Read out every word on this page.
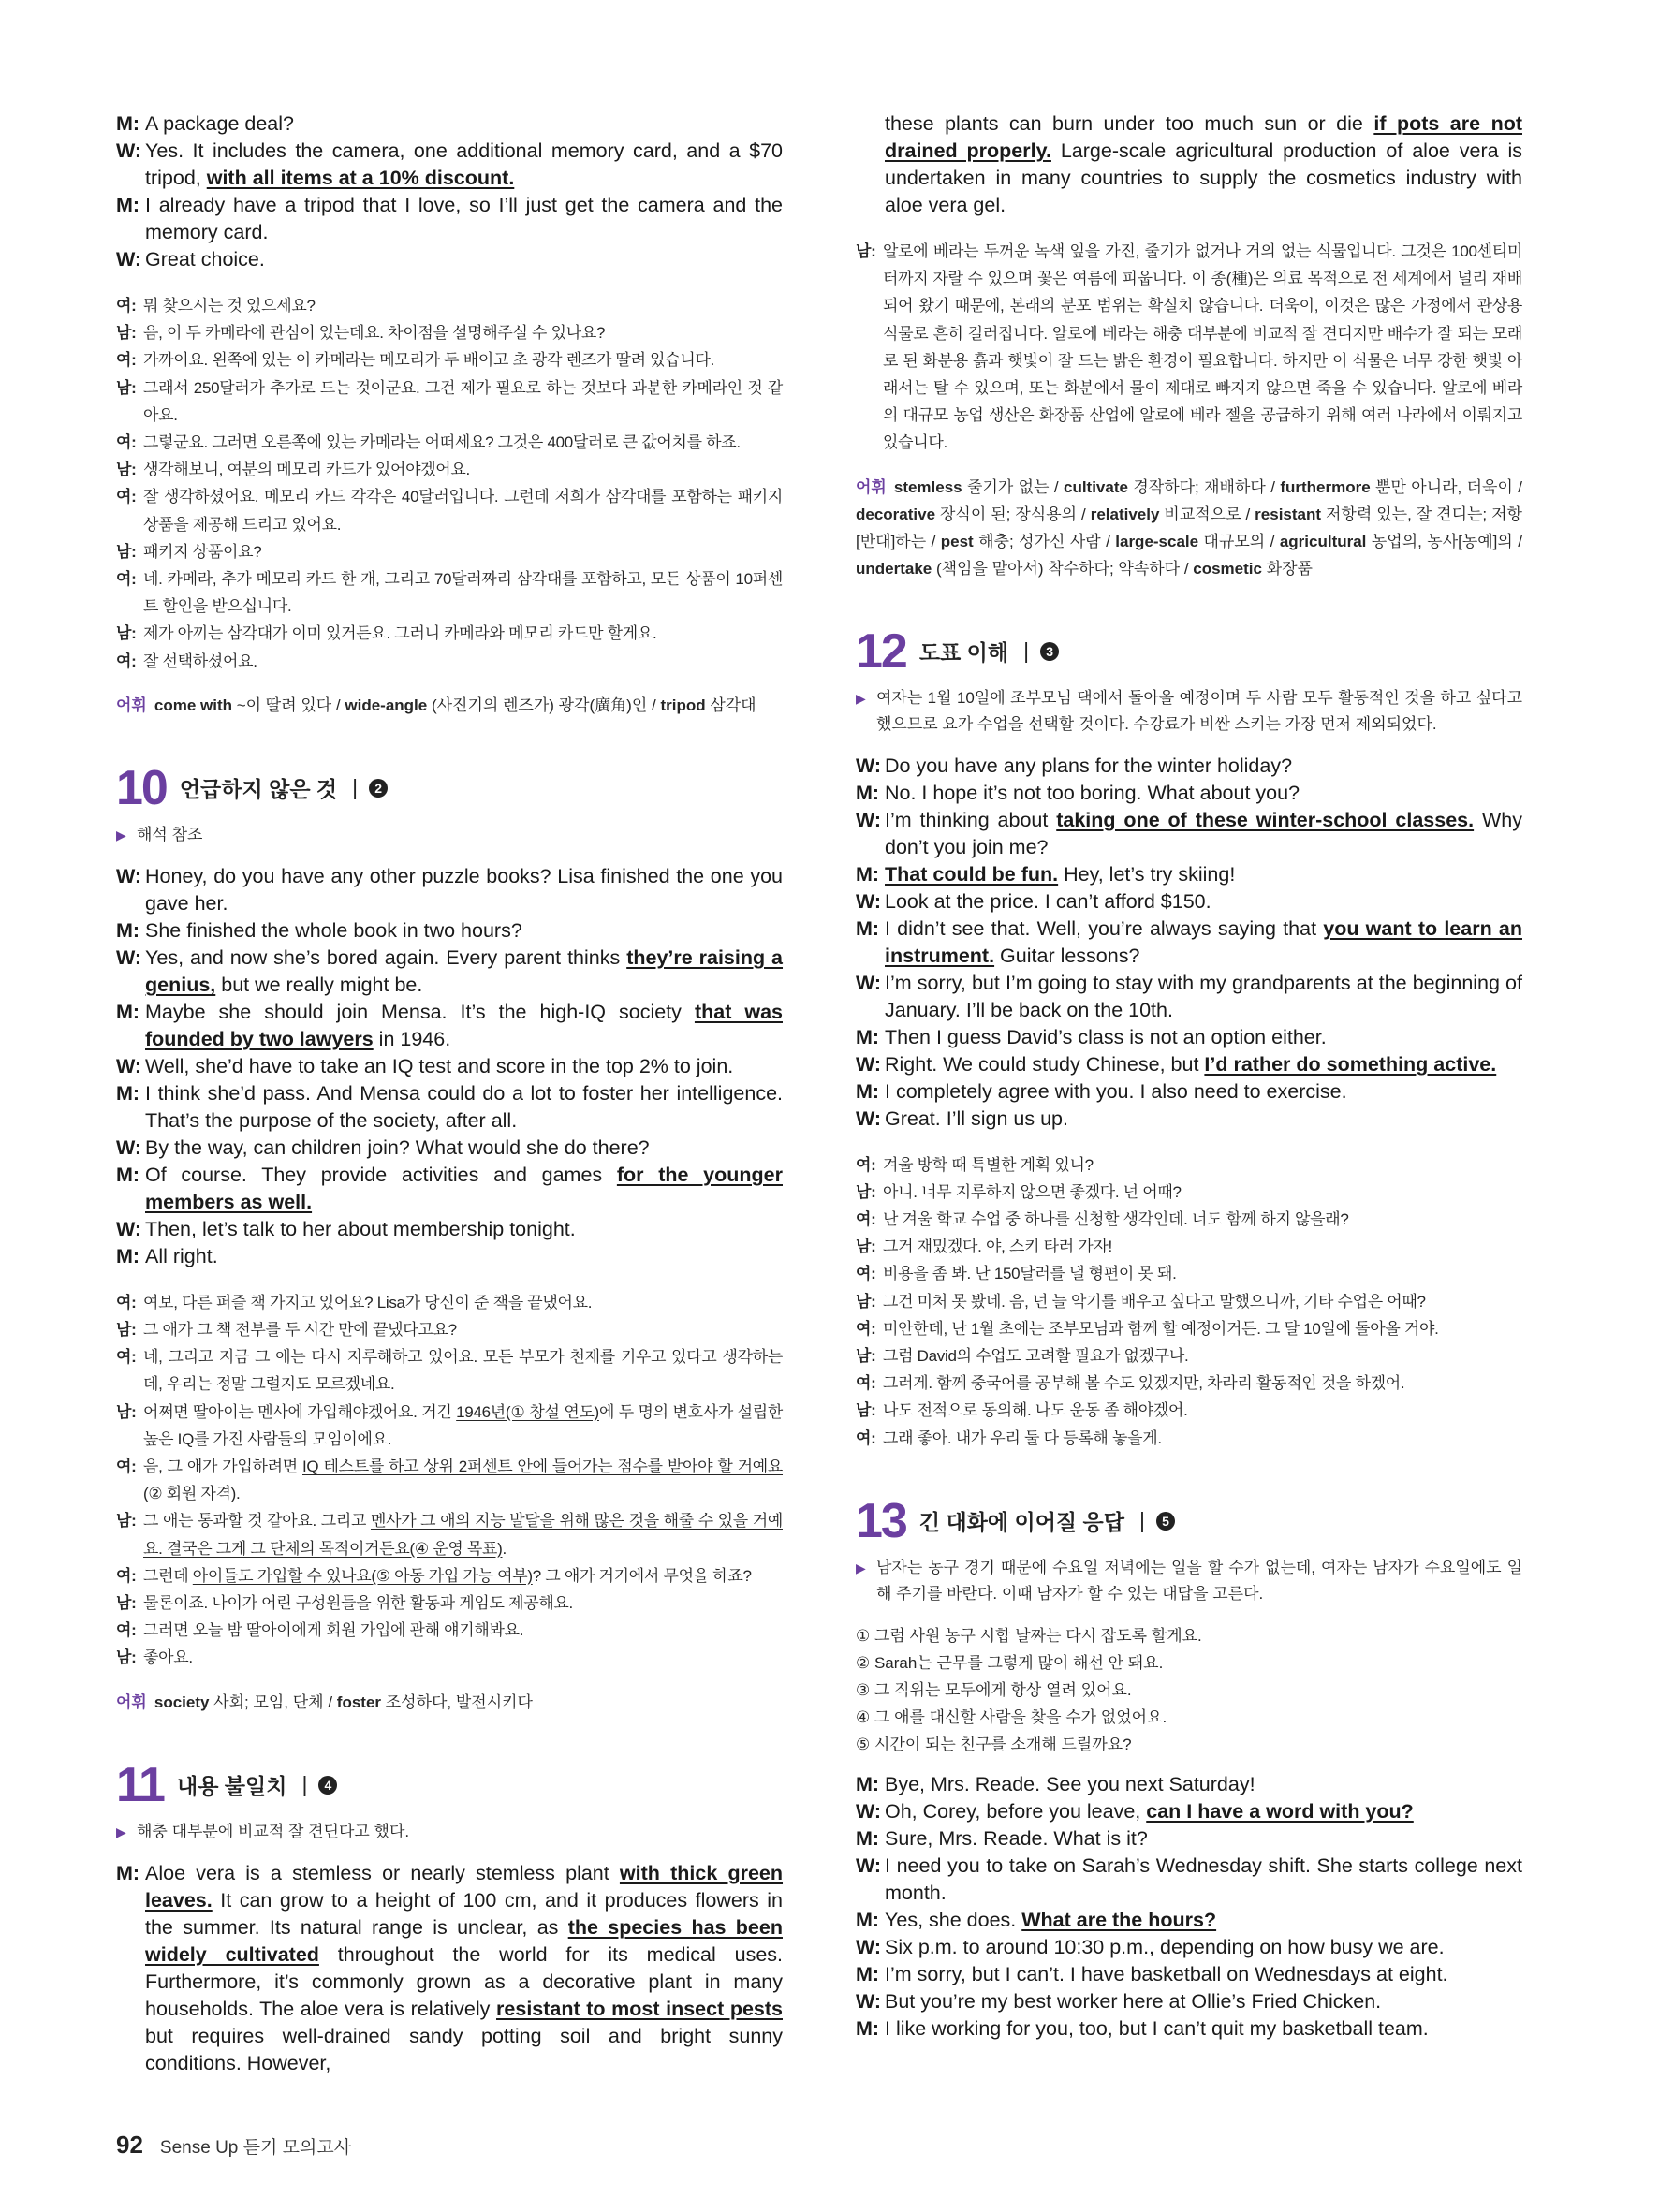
M: A package deal?
W: Yes. It includes the camera, one additional memory card, and a $70 tripod, with all items at a 10% discount.
M: I already have a tripod that I love, so I’ll just get the camera and the memory card.
W: Great choice.
여: 뭐 찾으시는 것 있으세요?
남: 음, 이 두 카메라에 관심이 있는데요. 차이점을 설명해주실 수 있나요?
여: 가까이요. 왼쪽에 있는 이 카메라는 메모리가 두 배이고 초 광각 렌즈가 딸려 있습니다.
남: 그래서 250달러가 추가로 드는 것이군요. 그건 제가 필요로 하는 것보다 과분한 카메라인 것 같아요.
여: 그렇군요. 그러면 오른쪽에 있는 카메라는 어떠세요? 그것은 400달러로 큰 값어치를 하죠.
남: 생각해보니, 여분의 메모리 카드가 있어야겠어요.
여: 잘 생각하셨어요. 메모리 카드 각각은 40달러입니다. 그런데 저희가 삼각대를 포함하는 패키지 상품을 제공해 드리고 있어요.
남: 패키지 상품이요?
여: 네. 카메라, 추가 메모리 카드 한 개, 그리고 70달러짜리 삼각대를 포함하고, 모든 상품이 10퍼센트 할인을 받으십니다.
남: 제가 아끼는 삼각대가 이미 있거든요. 그러니 카메라와 메모리 카드만 할게요.
여: 잘 선택하셨어요.
어휘 come with ~이 딸려 있다 / wide-angle (사진기의 렌즈가) 광각(廣角)인 / tripod 삼각대
10 언급하지 않은 것 |	2
▶ 해석 참조
W: Honey, do you have any other puzzle books? Lisa finished the one you gave her.
M: She finished the whole book in two hours?
W: Yes, and now she’s bored again. Every parent thinks they’re raising a genius, but we really might be.
M: Maybe she should join Mensa. It’s the high-IQ society that was founded by two lawyers in 1946.
W: Well, she’d have to take an IQ test and score in the top 2% to join.
M: I think she’d pass. And Mensa could do a lot to foster her intelligence. That’s the purpose of the society, after all.
W: By the way, can children join? What would she do there?
M: Of course. They provide activities and games for the younger members as well.
W: Then, let’s talk to her about membership tonight.
M: All right.
여: 여보, 다른 퍼즐 책 가지고 있어요? Lisa가 당신이 준 책을 끝냈어요.
남: 그 애가 그 책 전부를 두 시간 만에 끝냈다고요?
여: 네, 그리고 지금 그 애는 다시 지루해하고 있어요. 모든 부모가 천재를 키우고 있다고 생각하는데, 우리는 정말 그럴지도 모르겠네요.
남: 어쩌면 딸아이는 멘사에 가입해야겠어요. 거긴 1946년(① 창설 연도)에 두 명의 변호사가 설립한 높은 IQ를 가진 사람들의 모임이에요.
여: 음, 그 애가 가입하려면 IQ 테스트를 하고 상위 2퍼센트 안에 들어가는 점수를 받아야 할 거예요(② 회원 자격).
남: 그 애는 통과할 것 같아요. 그리고 멘사가 그 애의 지능 발달을 위해 많은 것을 해줄 수 있을 거예요. 결국은 그게 그 단체의 목적이거든요(④ 운영 목표).
여: 그런데 아이들도 가입할 수 있나요(⑤ 아동 가입 가능 여부)? 그 애가 거기에서 무엇을 하죠?
남: 물론이죠. 나이가 어린 구성원들을 위한 활동과 게임도 제공해요.
여: 그러면 오늘 밤 딸아이에게 회원 가입에 관해 얘기해봐요.
남: 좋아요.
어휘 society 사회; 모임, 단체 / foster 조성하다, 발전시키다
11 내용 불일치 |	4
▶ 해충 대부분에 비교적 잘 견딘다고 했다.
M: Aloe vera is a stemless or nearly stemless plant with thick green leaves. It can grow to a height of 100 cm, and it produces flowers in the summer. Its natural range is unclear, as the species has been widely cultivated throughout the world for its medical uses. Furthermore, it’s commonly grown as a decorative plant in many households. The aloe vera is relatively resistant to most insect pests but requires well-drained sandy potting soil and bright sunny conditions. However,
these plants can burn under too much sun or die if pots are not drained properly. Large-scale agricultural production of aloe vera is undertaken in many countries to supply the cosmetics industry with aloe vera gel.
남: 알로에 베라는 두꺼운 녹색 잎을 가진, 줄기가 없거나 거의 없는 식물입니다. 그것은 100센티미터까지 자랄 수 있으며 꽃은 여름에 피웁니다. 이 종(種)은 의료 목적으로 전 세계에서 널리 재배되어 왔기 때문에, 본래의 분포 범위는 확실치 않습니다. 더욱이, 이것은 많은 가정에서 관상용 식물로 흔히 길러집니다. 알로에 베라는 해충 대부분에 비교적 잘 견디지만 배수가 잘 되는 모래로 된 화분용 흙과 햇빛이 잘 드는 밝은 환경이 필요합니다. 하지만 이 식물은 너무 강한 햇빛 아래서는 탈 수 있으며, 또는 화분에서 물이 제대로 빠지지 않으면 죽을 수 있습니다. 알로에 베라의 대규모 농업 생산은 화장품 산업에 알로에 베라 젤을 공급하기 위해 여러 나라에서 이뤄지고 있습니다.
어휘 stemless 줄기가 없는 / cultivate 경작하다; 재배하다 / furthermore 뿐만 아니라, 더욱이 / decorative 장식이 된; 장식용의 / relatively 비교적으로 / resistant 저항력 있는, 잘 견디는; 저항[반대]하는 / pest 해충; 성가신 사람 / large-scale 대규모의 / agricultural 농업의, 농사[농예]의 / undertake (책임을 맡아서) 착수하다; 약속하다 / cosmetic 화장품
12 도표 이해 |	3
▶ 여자는 1월 10일에 조부모님 댁에서 돌아올 예정이며 두 사람 모두 활동적인 것을 하고 싶다고 했으므로 요가 수업을 선택할 것이다. 수강료가 비싼 스키는 가장 먼저 제외되었다.
W: Do you have any plans for the winter holiday?
M: No. I hope it’s not too boring. What about you?
W: I’m thinking about taking one of these winter-school classes. Why don’t you join me?
M: That could be fun. Hey, let’s try skiing!
W: Look at the price. I can’t afford $150.
M: I didn’t see that. Well, you’re always saying that you want to learn an instrument. Guitar lessons?
W: I’m sorry, but I’m going to stay with my grandparents at the beginning of January. I’ll be back on the 10th.
M: Then I guess David’s class is not an option either.
W: Right. We could study Chinese, but I’d rather do something active.
M: I completely agree with you. I also need to exercise.
W: Great. I’ll sign us up.
여: 겨울 방학 때 특별한 계획 있니?
남: 아니. 너무 지루하지 않으면 좋겠다. 넌 어때?
여: 난 겨울 학교 수업 중 하나를 신청할 생각인데. 너도 함께 하지 않을래?
남: 그거 재밌겠다. 야, 스키 타러 가자!
여: 비용을 좀 봐. 난 150달러를 낼 형편이 못 돼.
남: 그건 미처 못 봤네. 음, 넌 늘 악기를 배우고 싶다고 말했으니까, 기타 수업은 어때?
여: 미안한데, 난 1월 초에는 조부모님과 함께 할 예정이거든. 그 달 10일에 돌아올 거야.
남: 그럼 David의 수업도 고려할 필요가 없겠구나.
여: 그러게. 함께 중국어를 공부해 볼 수도 있겠지만, 차라리 활동적인 것을 하겠어.
남: 나도 전적으로 동의해. 나도 운동 좀 해야겠어.
여: 그래 좋아. 내가 우리 둘 다 등록해 놓을게.
13 긴 대화에 이어질 응답 |	5
▶ 남자는 농구 경기 때문에 수요일 저녁에는 일을 할 수가 없는데, 여자는 남자가 수요일에도 일해 주기를 바란다. 이때 남자가 할 수 있는 대답을 고른다.
① 그럼 사원 농구 시합 날짜는 다시 잡도록 할게요.
② Sarah는 근무를 그렇게 많이 해선 안 돼요.
③ 그 직위는 모두에게 항상 열려 있어요.
④ 그 애를 대신할 사람을 찾을 수가 없었어요.
⑤ 시간이 되는 친구를 소개해 드릴까요?
M: Bye, Mrs. Reade. See you next Saturday!
W: Oh, Corey, before you leave, can I have a word with you?
M: Sure, Mrs. Reade. What is it?
W: I need you to take on Sarah’s Wednesday shift. She starts college next month.
M: Yes, she does. What are the hours?
W: Six p.m. to around 10:30 p.m., depending on how busy we are.
M: I’m sorry, but I can’t. I have basketball on Wednesdays at eight.
W: But you’re my best worker here at Ollie’s Fried Chicken.
M: I like working for you, too, but I can’t quit my basketball team.
92 Sense Up 듣기 모의고사
